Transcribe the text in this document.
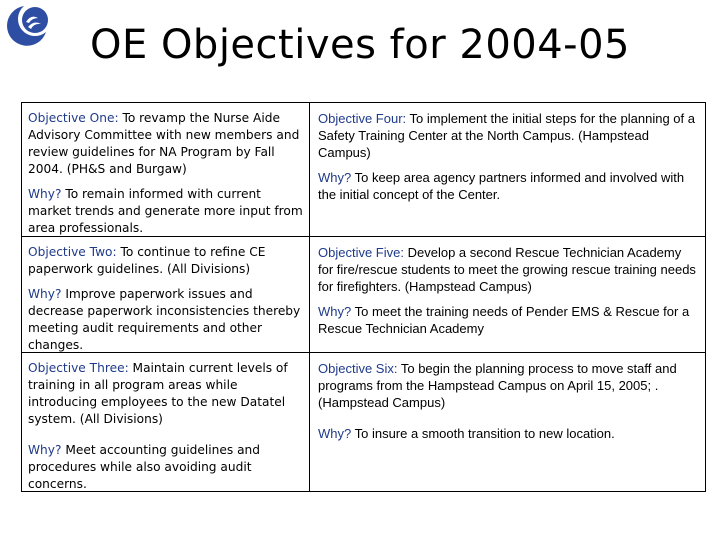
OE Objectives for 2004-05

Objective One: To revamp the Nurse Aide Advisory Committee with new members and review guidelines for NA Program by Fall 2004. (PH&S and Burgaw)

Why? To remain informed with current market trends and generate more input from area professionals.

Objective Four: To implement the initial steps for the planning of a Safety Training Center at the North Campus. (Hampstead Campus)

Why? To keep area agency partners informed and involved with the initial concept of the Center.

Objective Two: To continue to refine CE paperwork guidelines. (All Divisions)

Why? Improve paperwork issues and decrease paperwork inconsistencies thereby meeting audit requirements and other changes.

Objective Five: Develop a second Rescue Technician Academy for fire/rescue students to meet the growing rescue training needs for firefighters. (Hampstead Campus)

Why? To meet the training needs of Pender EMS & Rescue for a Rescue Technician Academy

Objective Three: Maintain current levels of training in all program areas while introducing employees to the new Datatel system. (All Divisions)

Why? Meet accounting guidelines and procedures while also avoiding audit concerns.

Objective Six: To begin the planning process to move staff and programs from the Hampstead Campus on April 15, 2005; . (Hampstead Campus)

Why? To insure a smooth transition to new location.
